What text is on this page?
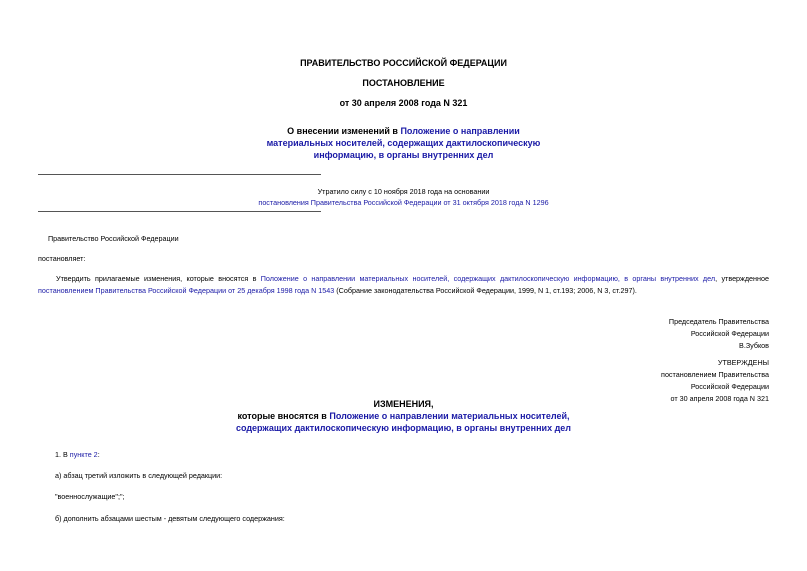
ПРАВИТЕЛЬСТВО РОССИЙСКОЙ ФЕДЕРАЦИИ
ПОСТАНОВЛЕНИЕ
от 30 апреля 2008 года N 321
О внесении изменений в Положение о направлении
материальных носителей, содержащих дактилоскопическую
информацию, в органы внутренних дел
Утратило силу с 10 ноября 2018 года на основании
постановления Правительства Российской Федерации от 31 октября 2018 года N 1296
Правительство Российской Федерации
постановляет:
Утвердить прилагаемые изменения, которые вносятся в Положение о направлении материальных носителей, содержащих дактилоскопическую информацию, в органы внутренних дел, утвержденное
постановлением Правительства Российской Федерации от 25 декабря 1998 года N 1543 (Собрание законодательства Российской Федерации, 1999, N 1, ст.193; 2006, N 3, ст.297).
Председатель Правительства
Российской Федерации
В.Зубков
УТВЕРЖДЕНЫ
постановлением Правительства
Российской Федерации
от 30 апреля 2008 года N 321
ИЗМЕНЕНИЯ,
которые вносятся в Положение о направлении материальных носителей,
содержащих дактилоскопическую информацию, в органы внутренних дел
1. В пункте 2:
а) абзац третий изложить в следующей редакции:
"военнослужащие";";
б) дополнить абзацами шестым - девятым следующего содержания:
